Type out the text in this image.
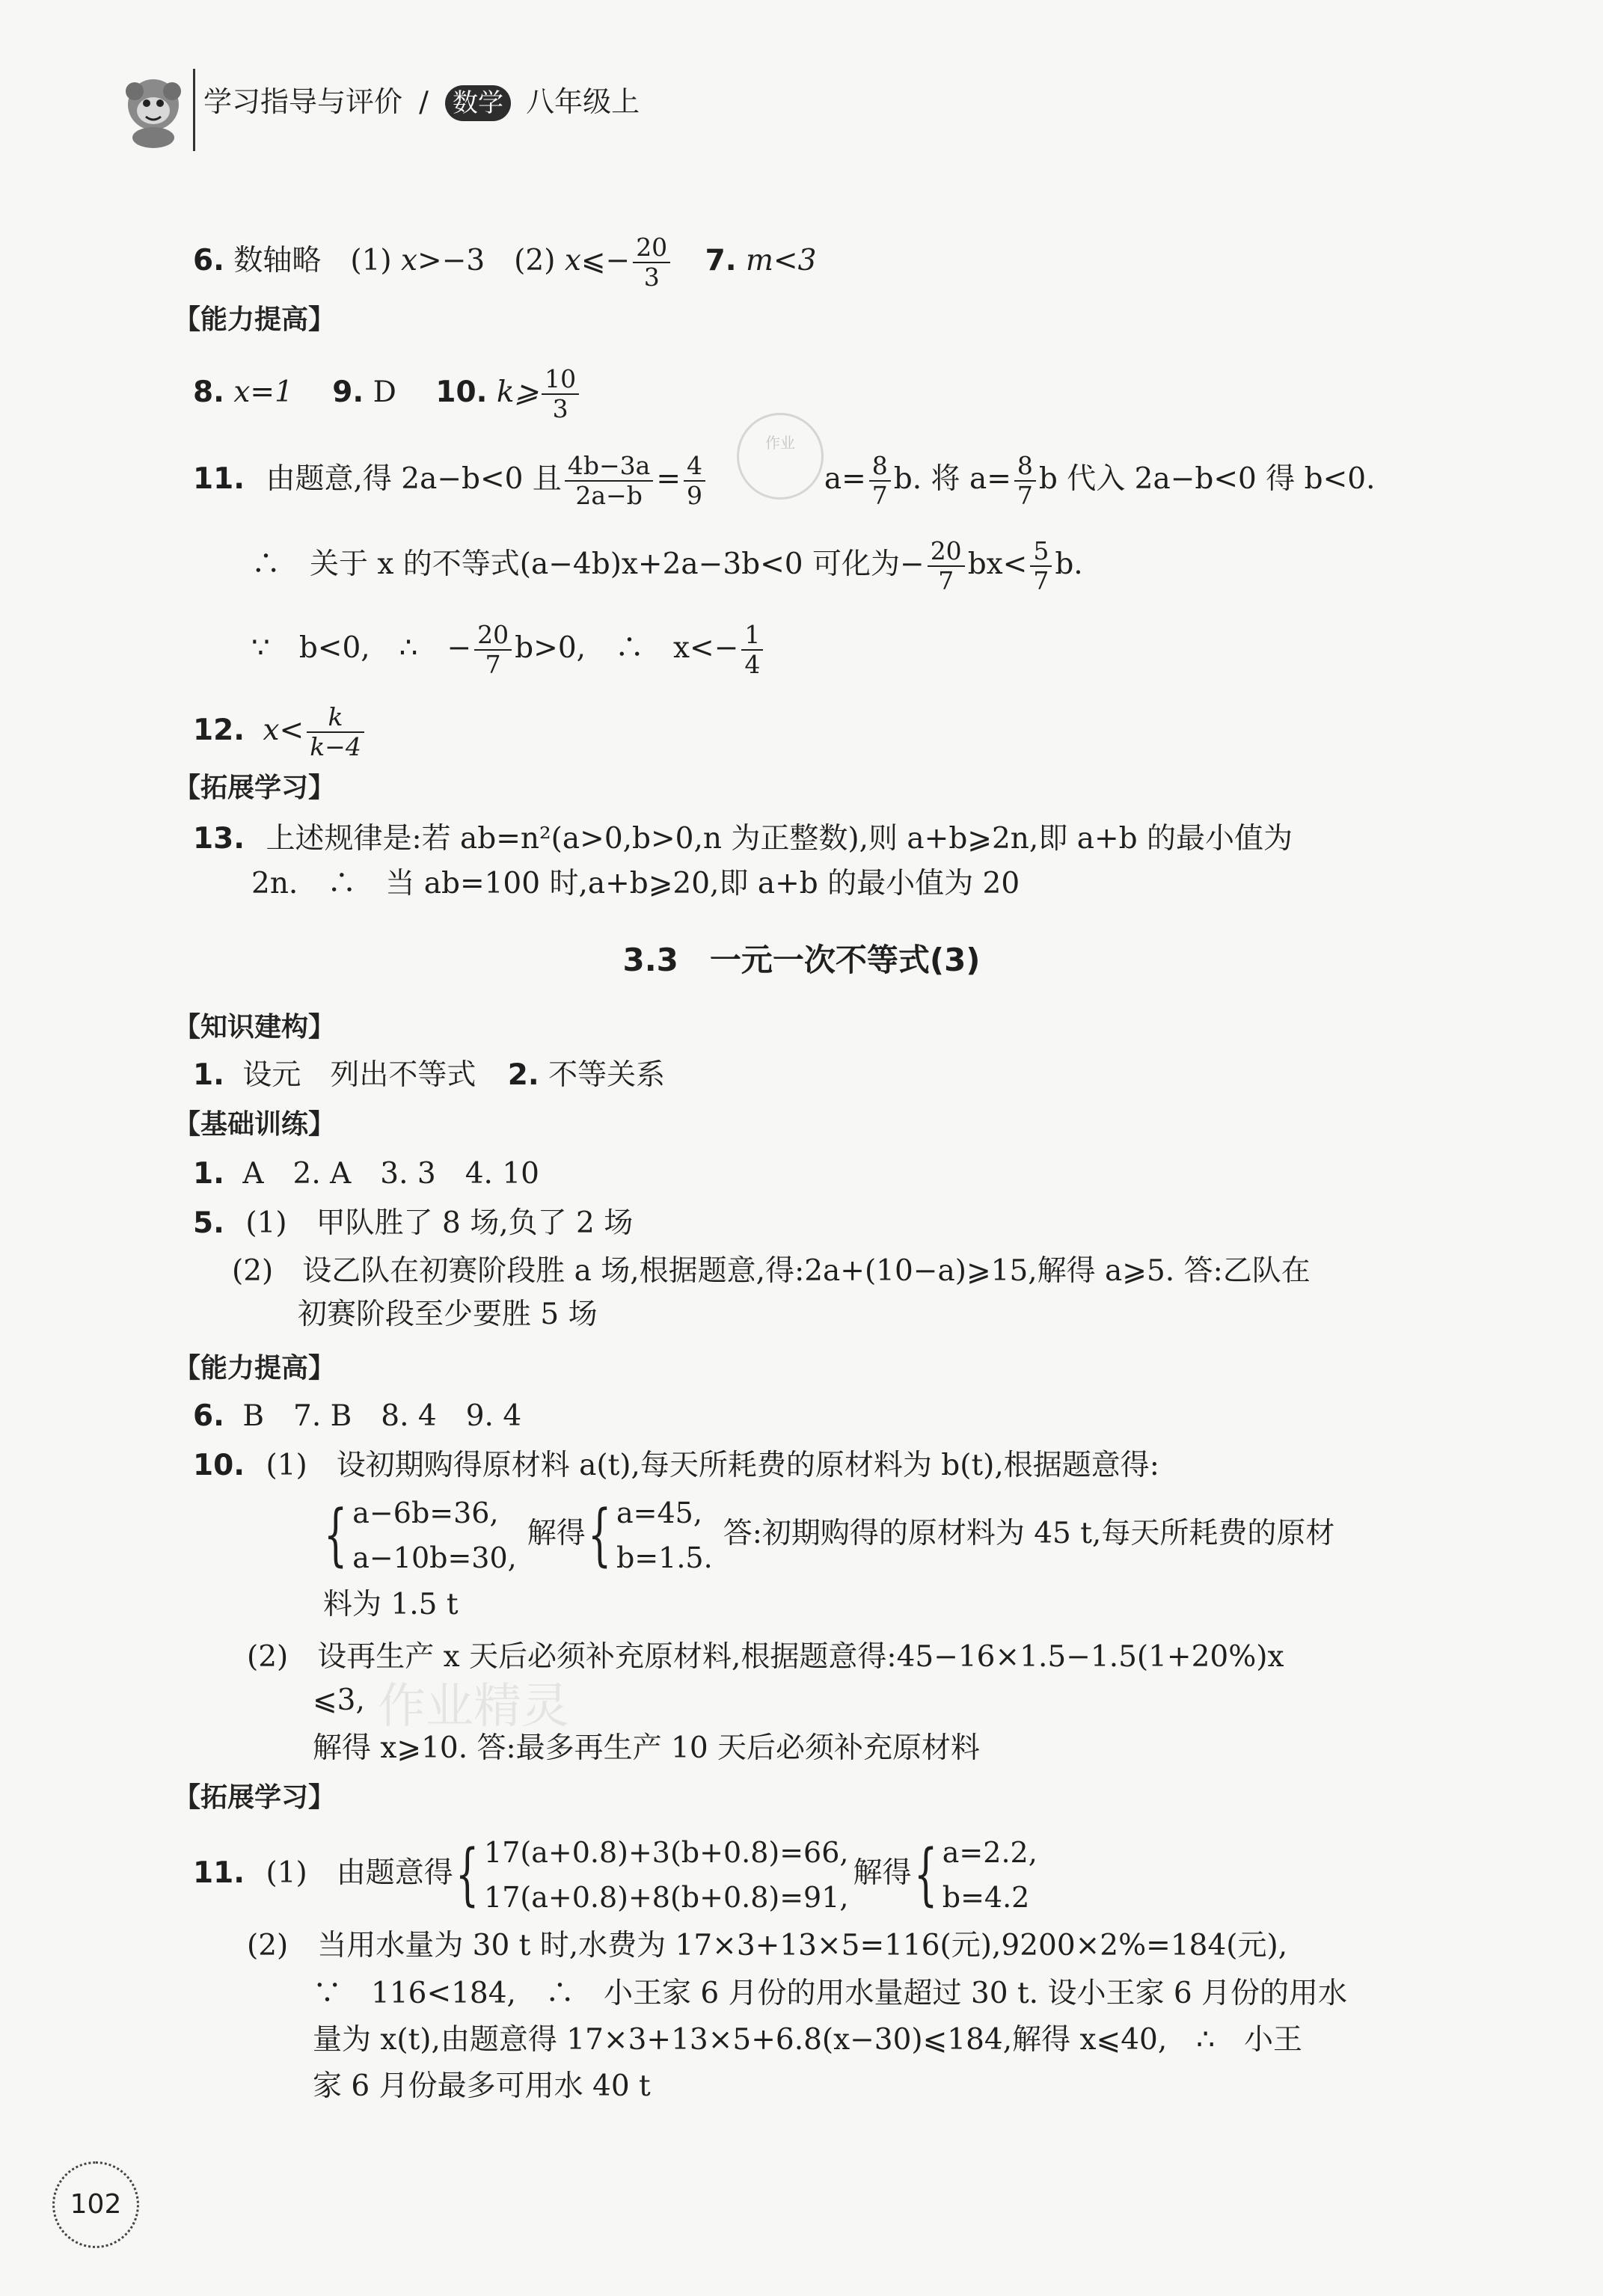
学习指导与评价 ∕ 数学 八年级上
6. 数轴略　(1) x>−3　(2) x⩽− $\frac{20}{3} 7$. m<3
【能力提高】
8. x=1 9. D 10. k⩾ $\frac{10}{3}$
11. 由题意,得 2a−b<0 且 $\frac{4b-3a}{2a-b} = \frac{4}{9}$	$a= \frac{8}{7} b$. 将 $a= \frac{8}{7}$ b 代入 2a−b<0 得 b<0.
作业
∴　关于 x 的不等式(a−4b)x+2a−3b<0 可化为− $\frac{20}{7} bx< \frac{5}{7} b$.
∵　b<0,　∴　− $\frac{20}{7} b>0$,　∴　$x<- \frac{1}{4}$
12. $x< \frac{k}{k-4}$
【拓展学习】
13. 上述规律是:若 ab=n²(a>0,b>0,n 为正整数),则 a+b⩾2n,即 a+b 的最小值为
2n.　∴　当 ab=100 时,a+b⩾20,即 a+b 的最小值为 20
3.3　一元一次不等式(3)
【知识建构】
1. 设元　列出不等式 2. 不等关系
【基础训练】
1. A　2. A　3. 3　4. 10
5. (1)　甲队胜了 8 场,负了 2 场
(2)　设乙队在初赛阶段胜 a 场,根据题意,得:2a+(10−a)⩾15,解得 a⩾5. 答:乙队在
初赛阶段至少要胜 5 场
【能力提高】
6. B　7. B　8. 4　9. 4
10. (1)　设初期购得原材料 a(t),每天所耗费的原材料为 b(t),根据题意得:
{ a−6b=36,
a−10b=30,
解得{ a=45,
b=1.5.
答:初期购得的原材料为 45 t,每天所耗费的原材
料为 1.5 t
(2)　设再生产 x 天后必须补充原材料,根据题意得:45−16×1.5−1.5(1+20%)x
⩽3, 作业精灵
解得 x⩾10. 答:最多再生产 10 天后必须补充原材料
【拓展学习】
11. (1)　由题意得{ 17(a+0.8)+3(b+0.8)=66,
17(a+0.8)+8(b+0.8)=91,
解得{ a=2.2,
b=4.2
(2)　当用水量为 30 t 时,水费为 17×3+13×5=116(元),9200×2%=184(元),
∵　116<184,　∴　小王家 6 月份的用水量超过 30 t. 设小王家 6 月份的用水
量为 x(t),由题意得 17×3+13×5+6.8(x−30)⩽184,解得 x⩽40,　∴　小王
家 6 月份最多可用水 40 t
102
